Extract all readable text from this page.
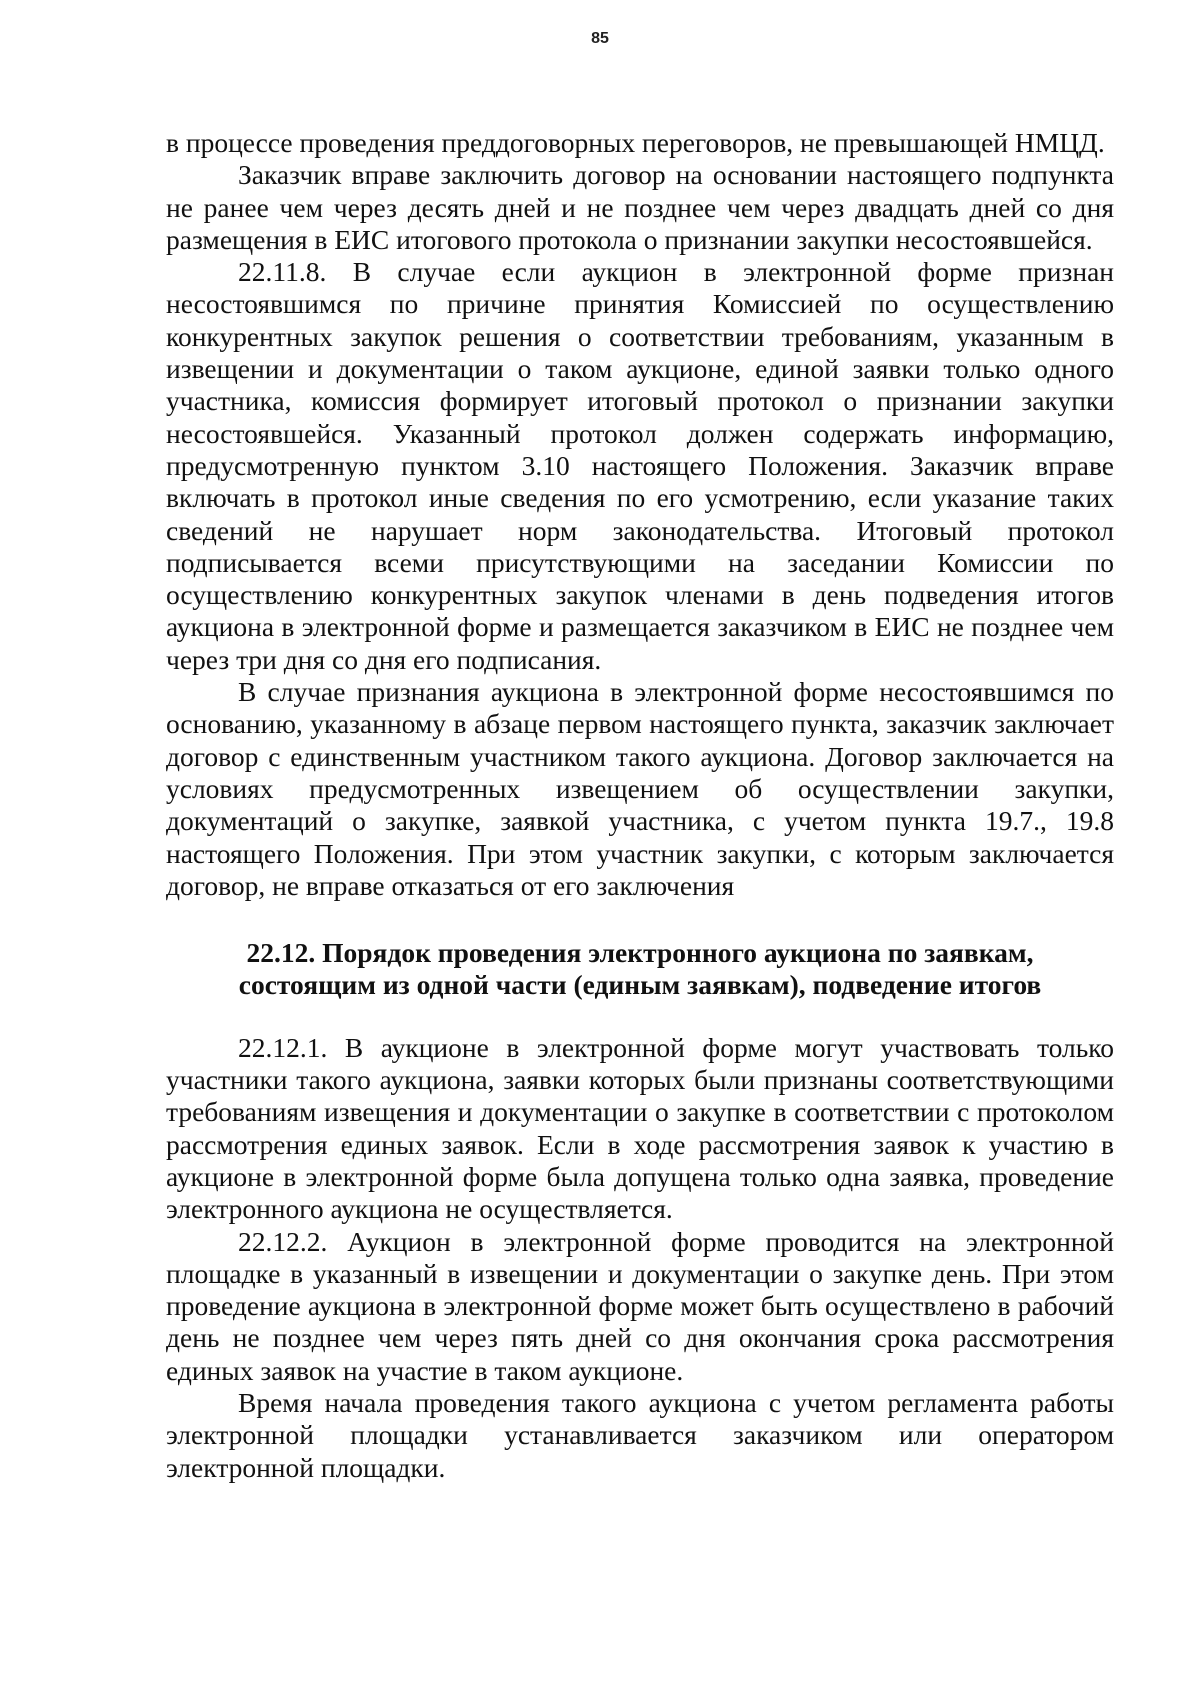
85

в процессе проведения преддоговорных переговоров, не превышающей НМЦД.

Заказчик вправе заключить договор на основании настоящего подпункта не ранее чем через десять дней и не позднее чем через двадцать дней со дня размещения в ЕИС итогового протокола о признании закупки несостоявшейся.

22.11.8. В случае если аукцион в электронной форме признан несостоявшимся по причине принятия Комиссией по осуществлению конкурентных закупок решения о соответствии требованиям, указанным в извещении и документации о таком аукционе, единой заявки только одного участника, комиссия формирует итоговый протокол о признании закупки несостоявшейся. Указанный протокол должен содержать информацию, предусмотренную пунктом 3.10 настоящего Положения. Заказчик вправе включать в протокол иные сведения по его усмотрению, если указание таких сведений не нарушает норм законодательства. Итоговый протокол подписывается всеми присутствующими на заседании Комиссии по осуществлению конкурентных закупок членами в день подведения итогов аукциона в электронной форме и размещается заказчиком в ЕИС не позднее чем через три дня со дня его подписания.

В случае признания аукциона в электронной форме несостоявшимся по основанию, указанному в абзаце первом настоящего пункта, заказчик заключает договор с единственным участником такого аукциона. Договор заключается на условиях предусмотренных извещением об осуществлении закупки, документаций о закупке, заявкой участника, с учетом пункта 19.7., 19.8 настоящего Положения. При этом участник закупки, с которым заключается договор, не вправе отказаться от его заключения

22.12. Порядок проведения электронного аукциона по заявкам,
состоящим из одной части (единым заявкам), подведение итогов

22.12.1. В аукционе в электронной форме могут участвовать только участники такого аукциона, заявки которых были признаны соответствующими требованиям извещения и документации о закупке в соответствии с протоколом рассмотрения единых заявок. Если в ходе рассмотрения заявок к участию в аукционе в электронной форме была допущена только одна заявка, проведение электронного аукциона не осуществляется.

22.12.2. Аукцион в электронной форме проводится на электронной площадке в указанный в извещении и документации о закупке день. При этом проведение аукциона в электронной форме может быть осуществлено в рабочий день не позднее чем через пять дней со дня окончания срока рассмотрения единых заявок на участие в таком аукционе.

Время начала проведения такого аукциона с учетом регламента работы электронной площадки устанавливается заказчиком или оператором электронной площадки.
